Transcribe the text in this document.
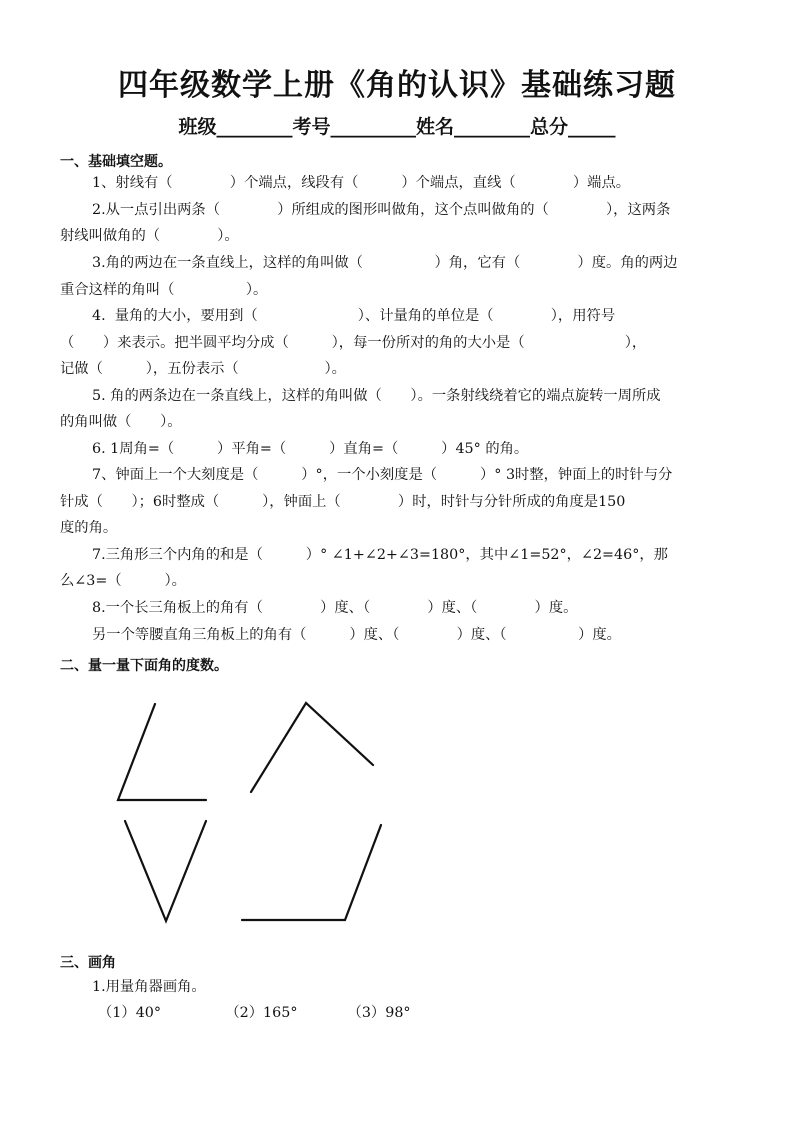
四年级数学上册《角的认识》基础练习题
班级________考号_________姓名________总分_____
一、基础填空题。
1、射线有（　　　　）个端点，线段有（　　　）个端点，直线（　　　　）端点。
2.从一点引出两条（　　　　）所组成的图形叫做角，这个点叫做角的（　　　　），这两条
射线叫做角的（　　　　）。
3.角的两边在一条直线上，这样的角叫做（　　　　　）角，它有（　　　　）度。角的两边
重合这样的角叫（　　　　　）。
4.  量角的大小，要用到（　　　　　　　）、计量角的单位是（　　　　），用符号
（　　）来表示。把半圆平均分成（　　　），每一份所对的角的大小是（　　　　　　　），
记做（　　　），五份表示（　　　　　　）。
5. 角的两条边在一条直线上，这样的角叫做（　　）。一条射线绕着它的端点旋转一周所成
的角叫做（　　）。
6. 1周角=（　　　）平角=（　　　）直角=（　　　）45° 的角。
7、钟面上一个大刻度是（　　　）°，一个小刻度是（　　　）° 3时整，钟面上的时针与分
针成（　　）；6时整成（　　　），钟面上（　　　　）时，时针与分针所成的角度是150
度的角。
7.三角形三个内角的和是（　　　）° ∠1+∠2+∠3=180°，其中∠1=52°，∠2=46°，那
么∠3=（　　　）。
8.一个长三角板上的角有（　　　　）度、（　　　　）度、（　　　　）度。
另一个等腰直角三角板上的角有（　　　）度、（　　　　）度、（　　　　　）度。
二、量一量下面角的度数。
三、画角
1.用量角器画角。
（1）40°　　　　　（2）165°　　　　（3）98°
